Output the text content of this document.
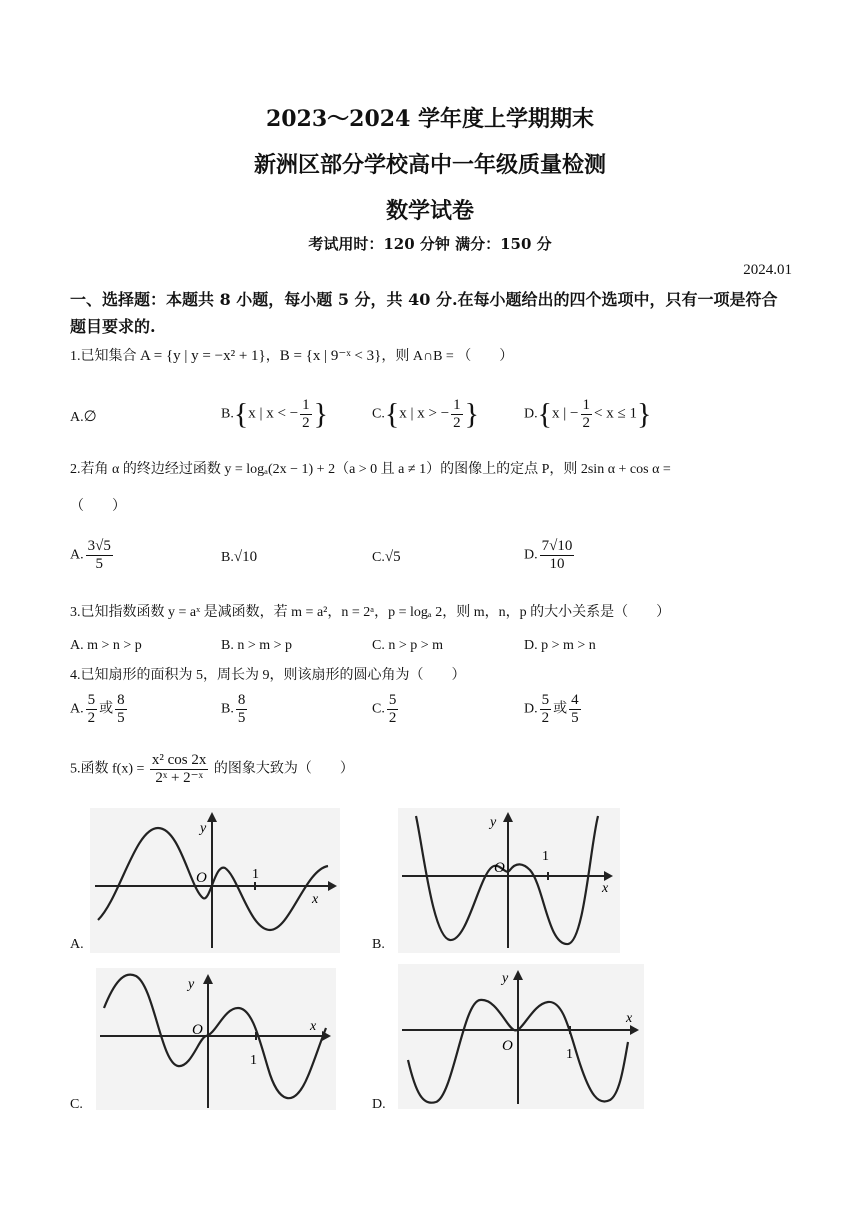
2023～2024 学年度上学期期末
新洲区部分学校高中一年级质量检测
数学试卷
考试用时：120 分钟 满分：150 分
2024.01
一、选择题：本题共 8 小题，每小题 5 分，共 40 分.在每小题给出的四个选项中，只有一项是符合题目要求的.
1.已知集合 A = {y | y = −x² + 1}，B = {x | 9⁻ˣ < 3}，则 A∩B = （　　）
A.∅	B.{x | x < − $\frac{1}{2}$ }	C.{x | x > − $\frac{1}{2}$ }	D.{x | − $\frac{1}{2} < x \le 1$}
2.若角 α 的终边经过函数 y = logₐ(2x − 1) + 2（a > 0 且 a ≠ 1）的图像上的定点 P，则 2sin α + cos α =
（　　）
A. $\frac{3√5}{5}$	B.√10	C.√5	D. $\frac{7√10}{10}$
3.已知指数函数 y = aˣ 是减函数，若 m = a²，n = 2ᵃ，p = logₐ 2，则 m，n，p 的大小关系是（　　）
A. m > n > p	B. n > m > p	C. n > p > m	D. p > m > n
4.已知扇形的面积为 5，周长为 9，则该扇形的圆心角为（　　）
A. $\frac{5}{2}$ 或 $\frac{8}{5}$	B. $\frac{8}{5}$	C. $\frac{5}{2}$	D. $\frac{5}{2}$ 或 $\frac{4}{5}$
5.函数 $f(x) = \frac{\text{x² cos 2x}}{\text{2ˣ + 2⁻ˣ}}$ 的图象大致为（　　）
y
x
O	1
A.
y
x
O
1
B.
y
x
O
1
C.
y
x
O
1
D.
